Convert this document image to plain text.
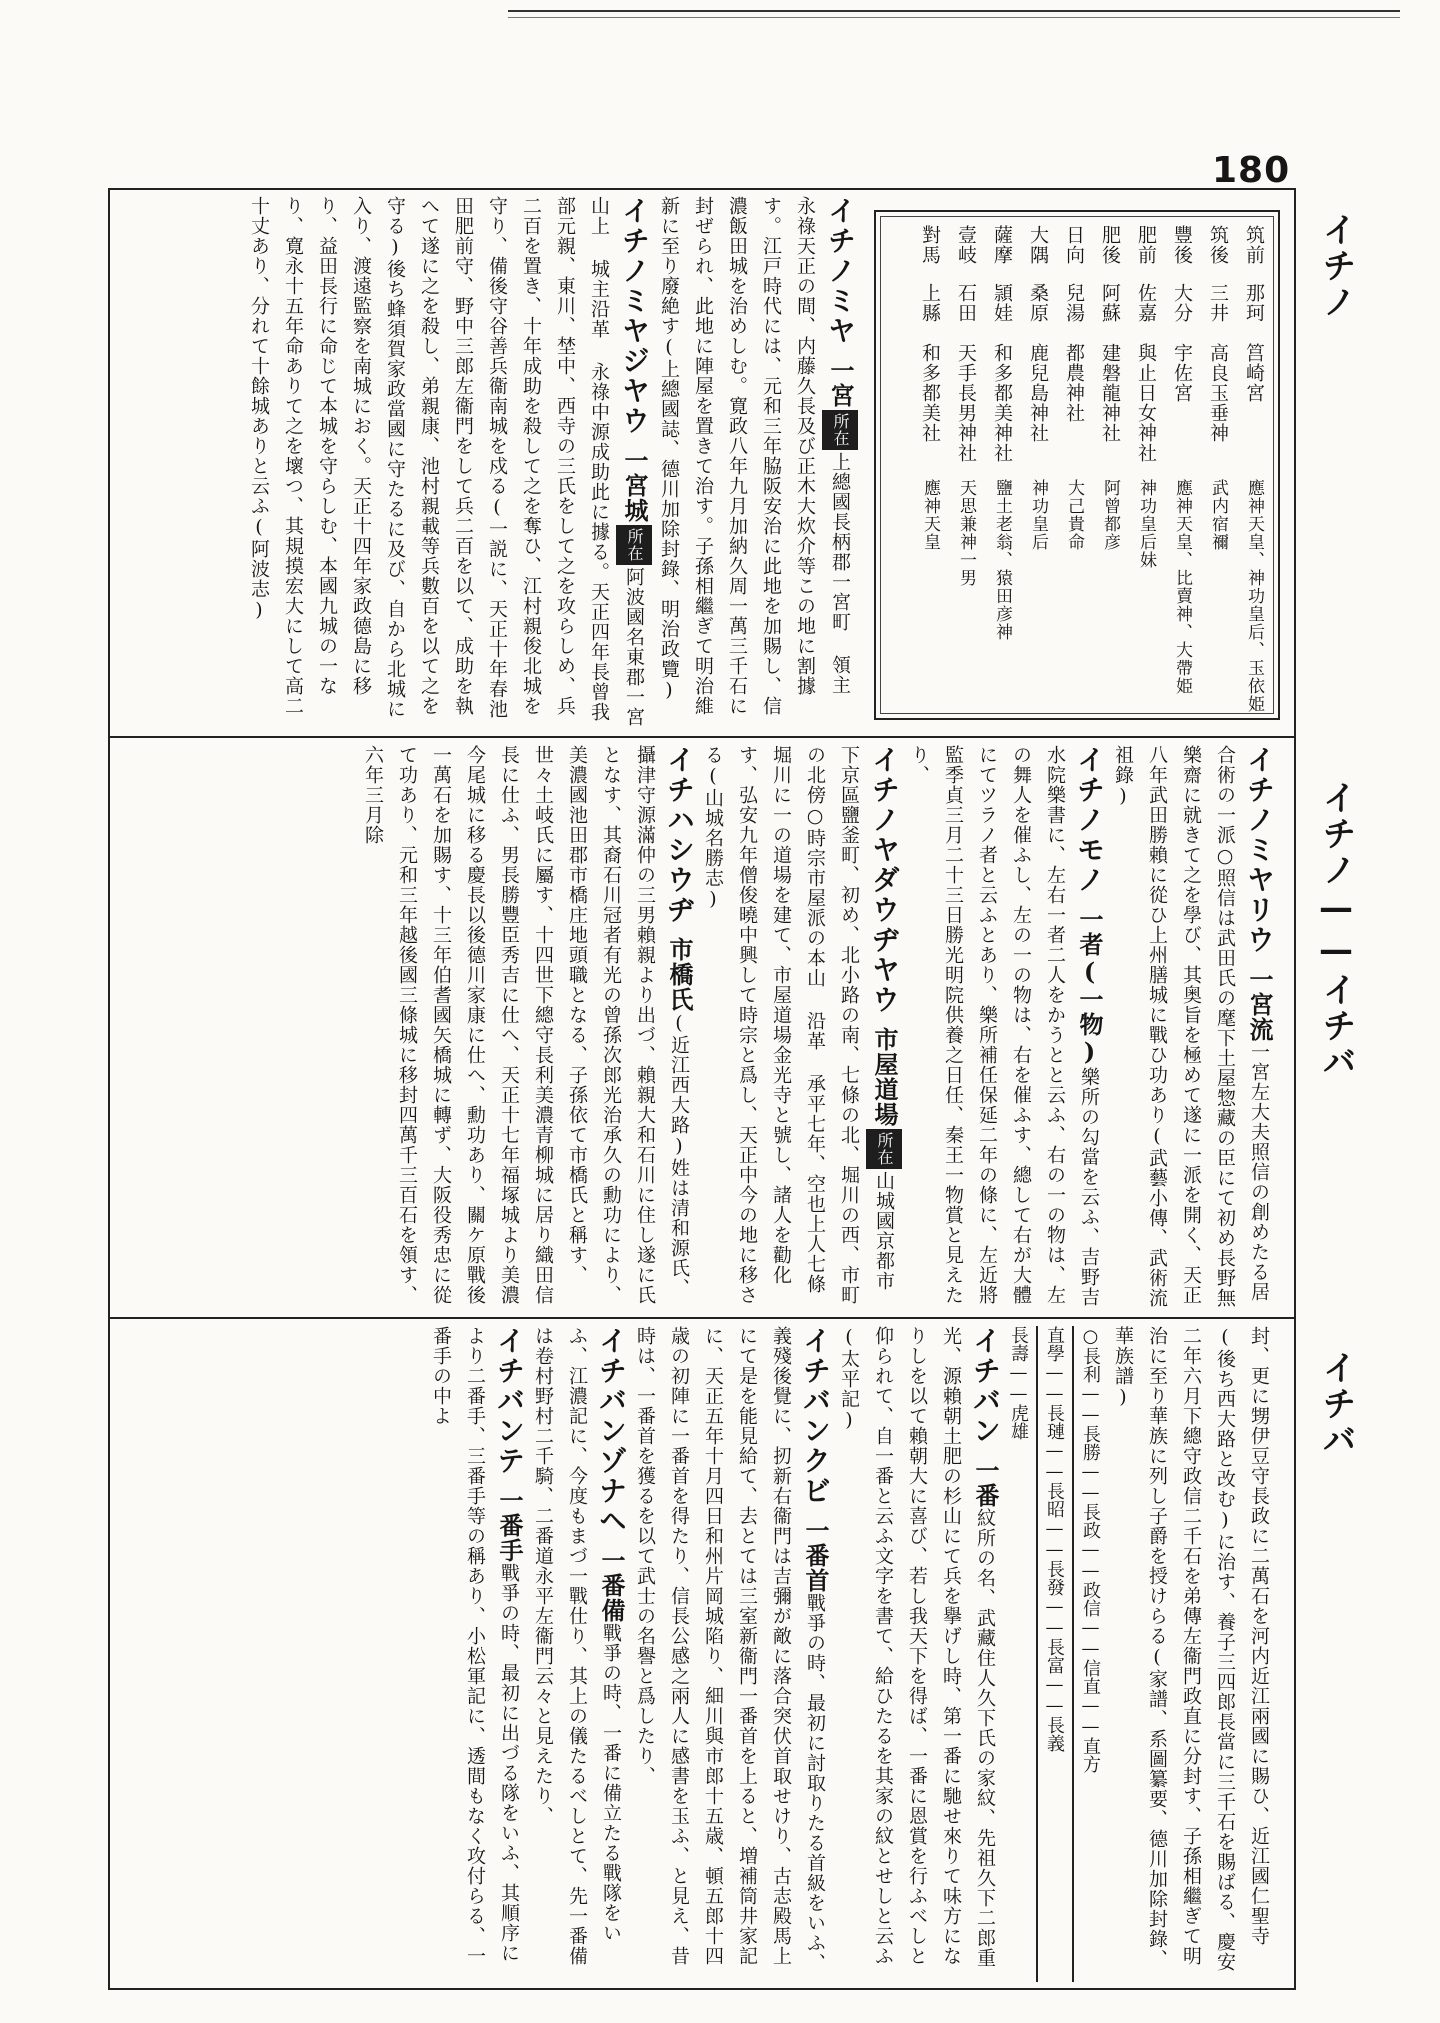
180
イチノ
イチノ——イチバ
イチバ
筑前
那珂
筥崎宮
應神天皇、神功皇后、玉依姫
筑後
三井
高良玉垂神
武内宿禰
豐後
大分
宇佐宮
應神天皇、比賣神、大帶姫
肥前
佐嘉
與止日女神社
神功皇后妹
肥後
阿蘇
建磐龍神社
阿曾都彦
日向
兒湯
都農神社
大己貴命
大隅
桑原
鹿兒島神社
神功皇后
薩摩
頴娃
和多都美神社
鹽土老翁、猿田彦神
壹岐
石田
天手長男神社
天思兼神一男
對馬
上縣
和多都美社
應神天皇
イチノミヤ一宮所在上總國長柄郡一宮町 領主 永祿天正の間、内藤久長及び正木大炊介等この地に割據す。江戸時代には、元和三年脇阪安治に此地を加賜し、信濃飯田城を治めしむ。寛政八年九月加納久周一萬三千石に封ぜられ、此地に陣屋を置きて治す。子孫相繼ぎて明治維新に至り廢絶す(上總國誌、德川加除封錄、明治政覽)
イチノミヤジヤウ一宮城所在阿波國名東郡一宮山上 城主沿革 永祿中源成助此に據る。天正四年長曾我部元親、東川、埜中、西寺の三氏をして之を攻らしめ、兵二百を置き、十年成助を殺して之を奪ひ、江村親俊北城を守り、備後守谷善兵衞南城を戍る(一説に、天正十年春池田肥前守、野中三郎左衞門をして兵二百を以て、成助を執へて遂に之を殺し、弟親康、池村親載等兵數百を以て之を守る)後ち蜂須賀家政當國に守たるに及び、自から北城に入り、渡遠監察を南城におく。天正十四年家政德島に移り、益田長行に命じて本城を守らしむ、本國九城の一なり、寛永十五年命ありて之を壞つ、其規摸宏大にして高二十丈あり、分れて十餘城ありと云ふ(阿波志)
イチノミヤリウ一宮流一宮左大夫照信の創めたる居合術の一派○照信は武田氏の麾下土屋惣藏の臣にて初め長野無樂齋に就きて之を學び、其奥旨を極めて遂に一派を開く、天正八年武田勝賴に從ひ上州膳城に戰ひ功あり(武藝小傳、武術流祖錄)
イチノモノ一者(一物)樂所の勾當を云ふ、吉野吉水院樂書に、左右一者二人をかうとと云ふ、右の一の物は、左の舞人を催ふし、左の一の物は、右を催ふす、總して右が大體にてツラノ者と云ふとあり、樂所補任保延二年の條に、左近將監季貞三月二十三日勝光明院供養之日任、秦王一物賞と見えたり、
イチノヤダウヂヤウ市屋道場所在山城國京都市下京區鹽釜町、初め、北小路の南、七條の北、堀川の西、市町の北傍○時宗市屋派の本山 沿革 承平七年、空也上人七條堀川に一の道場を建て、市屋道場金光寺と號し、諸人を勸化す、弘安九年僧俊曉中興して時宗と爲し、天正中今の地に移さる(山城名勝志)
イチハシウヂ市橋氏(近江西大路)姓は清和源氏、攝津守源滿仲の三男賴親より出づ、賴親大和石川に住し遂に氏となす、其裔石川冠者有光の曾孫次郎光治承久の勳功により、美濃國池田郡市橋庄地頭職となる、子孫依て市橋氏と稱す、世々土岐氏に屬す、十四世下總守長利美濃青柳城に居り織田信長に仕ふ、男長勝豐臣秀吉に仕へ、天正十七年福塚城より美濃今尾城に移る慶長以後德川家康に仕へ、勳功あり、關ケ原戰後一萬石を加賜す、十三年伯耆國矢橋城に轉ず、大阪役秀忠に從て功あり、元和三年越後國三條城に移封四萬千三百石を領す、六年三月除
封、更に甥伊豆守長政に二萬石を河内近江兩國に賜ひ、近江國仁聖寺(後ち西大路と改む)に治す、養子三四郎長當に三千石を賜ばる、慶安二年六月下總守政信二千石を弟傳左衞門政直に分封す、子孫相繼ぎて明治に至り華族に列し子爵を授けらる(家譜、系圖纂要、德川加除封錄、華族譜)
○長利——長勝——長政——政信——信直——直方
直學——長璉——長昭——長發——長富——長義
長壽——虎雄
イチバン一番紋所の名、武藏住人久下氏の家紋、先祖久下二郎重光、源賴朝土肥の杉山にて兵を擧げし時、第一番に馳せ來りて味方になりしを以て賴朝大に喜び、若し我天下を得ば、一番に恩賞を行ふべしと仰られて、自一番と云ふ文字を書て、給ひたるを其家の紋とせしと云ふ(太平記)
イチバンクビ一番首戰爭の時、最初に討取りたる首級をいふ、義殘後覺に、扨新右衞門は吉彌が敵に落合突伏首取せけり、古志殿馬上にて是を能見給て、去とては三室新衞門一番首を上ると、増補筒井家記に、天正五年十月四日和州片岡城陷り、細川與市郎十五歳、頓五郎十四歳の初陣に一番首を得たり、信長公感之兩人に感書を玉ふ、と見え、昔時は、一番首を獲るを以て武士の名譽と爲したり、
イチバンゾナヘ一番備戰爭の時、一番に備立たる戰隊をいふ、江濃記に、今度もまづ一戰仕り、其上の儀たるべしとて、先一番備は卷村野村二千騎、二番道永平左衞門云々と見えたり、
イチバンテ一番手戰爭の時、最初に出づる隊をいふ、其順序により二番手、三番手等の稱あり、小松軍記に、透間もなく攻付らる、一番手の中よ
